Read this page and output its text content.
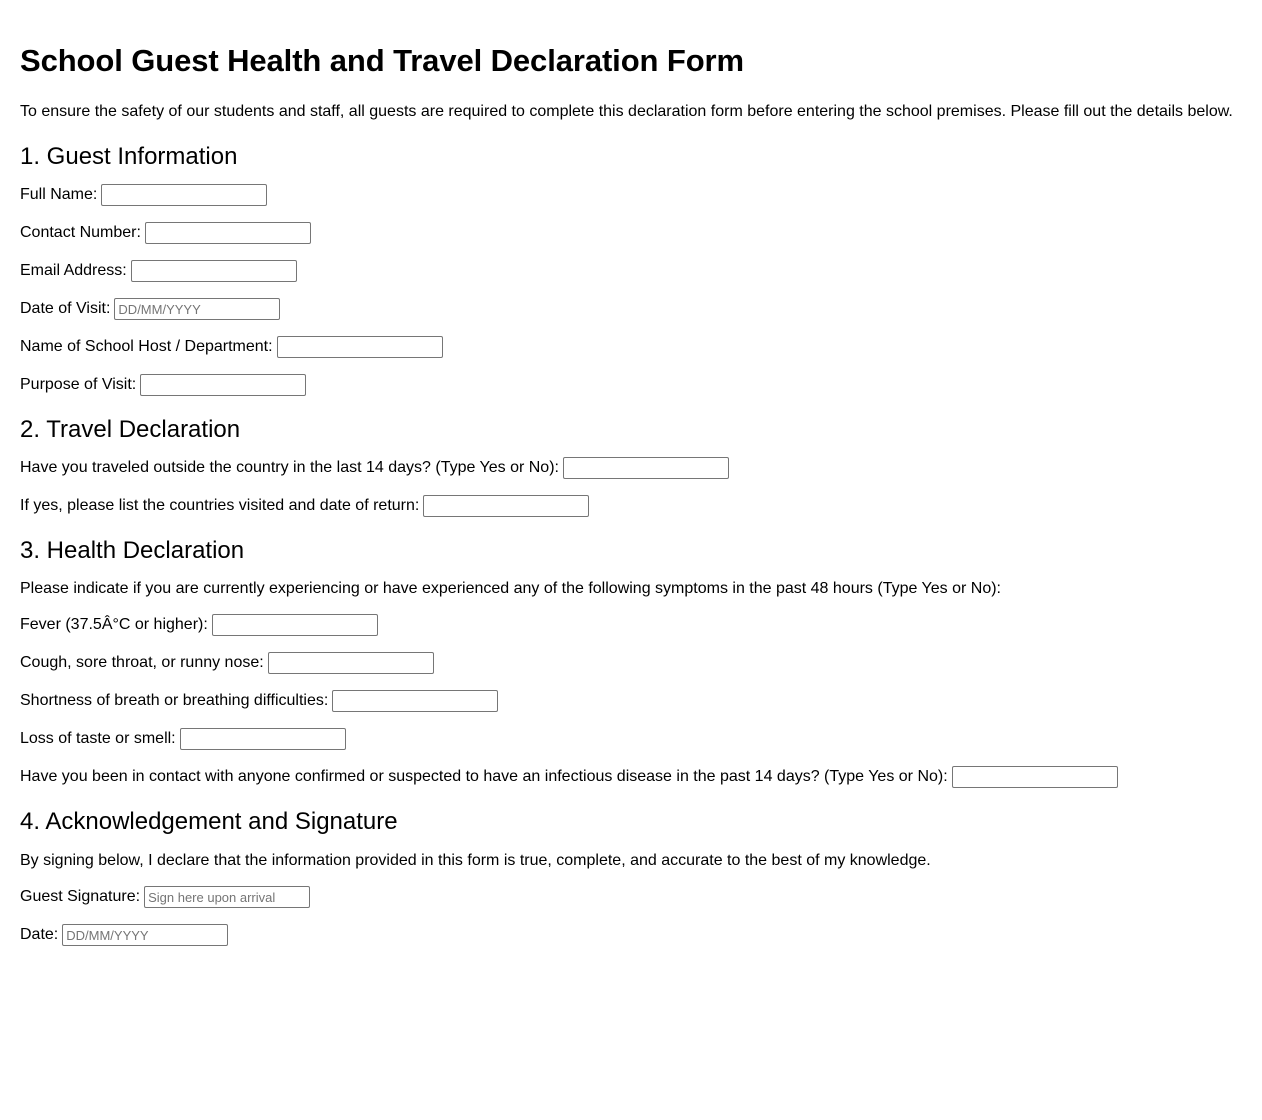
School Guest Health and Travel Declaration Form

To ensure the safety of our students and staff, all guests are required to complete this declaration form before entering the school premises. Please fill out the details below.

1. Guest Information
Full Name:
Contact Number:
Email Address:
Date of Visit:
DD/MM/YYYY
Name of School Host / Department:
Purpose of Visit:
2. Travel Declaration
Have you traveled outside the country in the last 14 days? (Type Yes or No):
If yes, please list the countries visited and date of return:
3. Health Declaration

Please indicate if you are currently experiencing or have experienced any of the following symptoms in the past 48 hours (Type Yes or No):

Fever (37.5Â°C or higher):
Cough, sore throat, or runny nose:
Shortness of breath or breathing difficulties:
Loss of taste or smell:
Have you been in contact with anyone confirmed or suspected to have an infectious disease in the past 14 days? (Type Yes or No):
4. Acknowledgement and Signature

By signing below, I declare that the information provided in this form is true, complete, and accurate to the best of my knowledge.

Guest Signature:
Sign here upon arrival
Date:
DD/MM/YYYY
